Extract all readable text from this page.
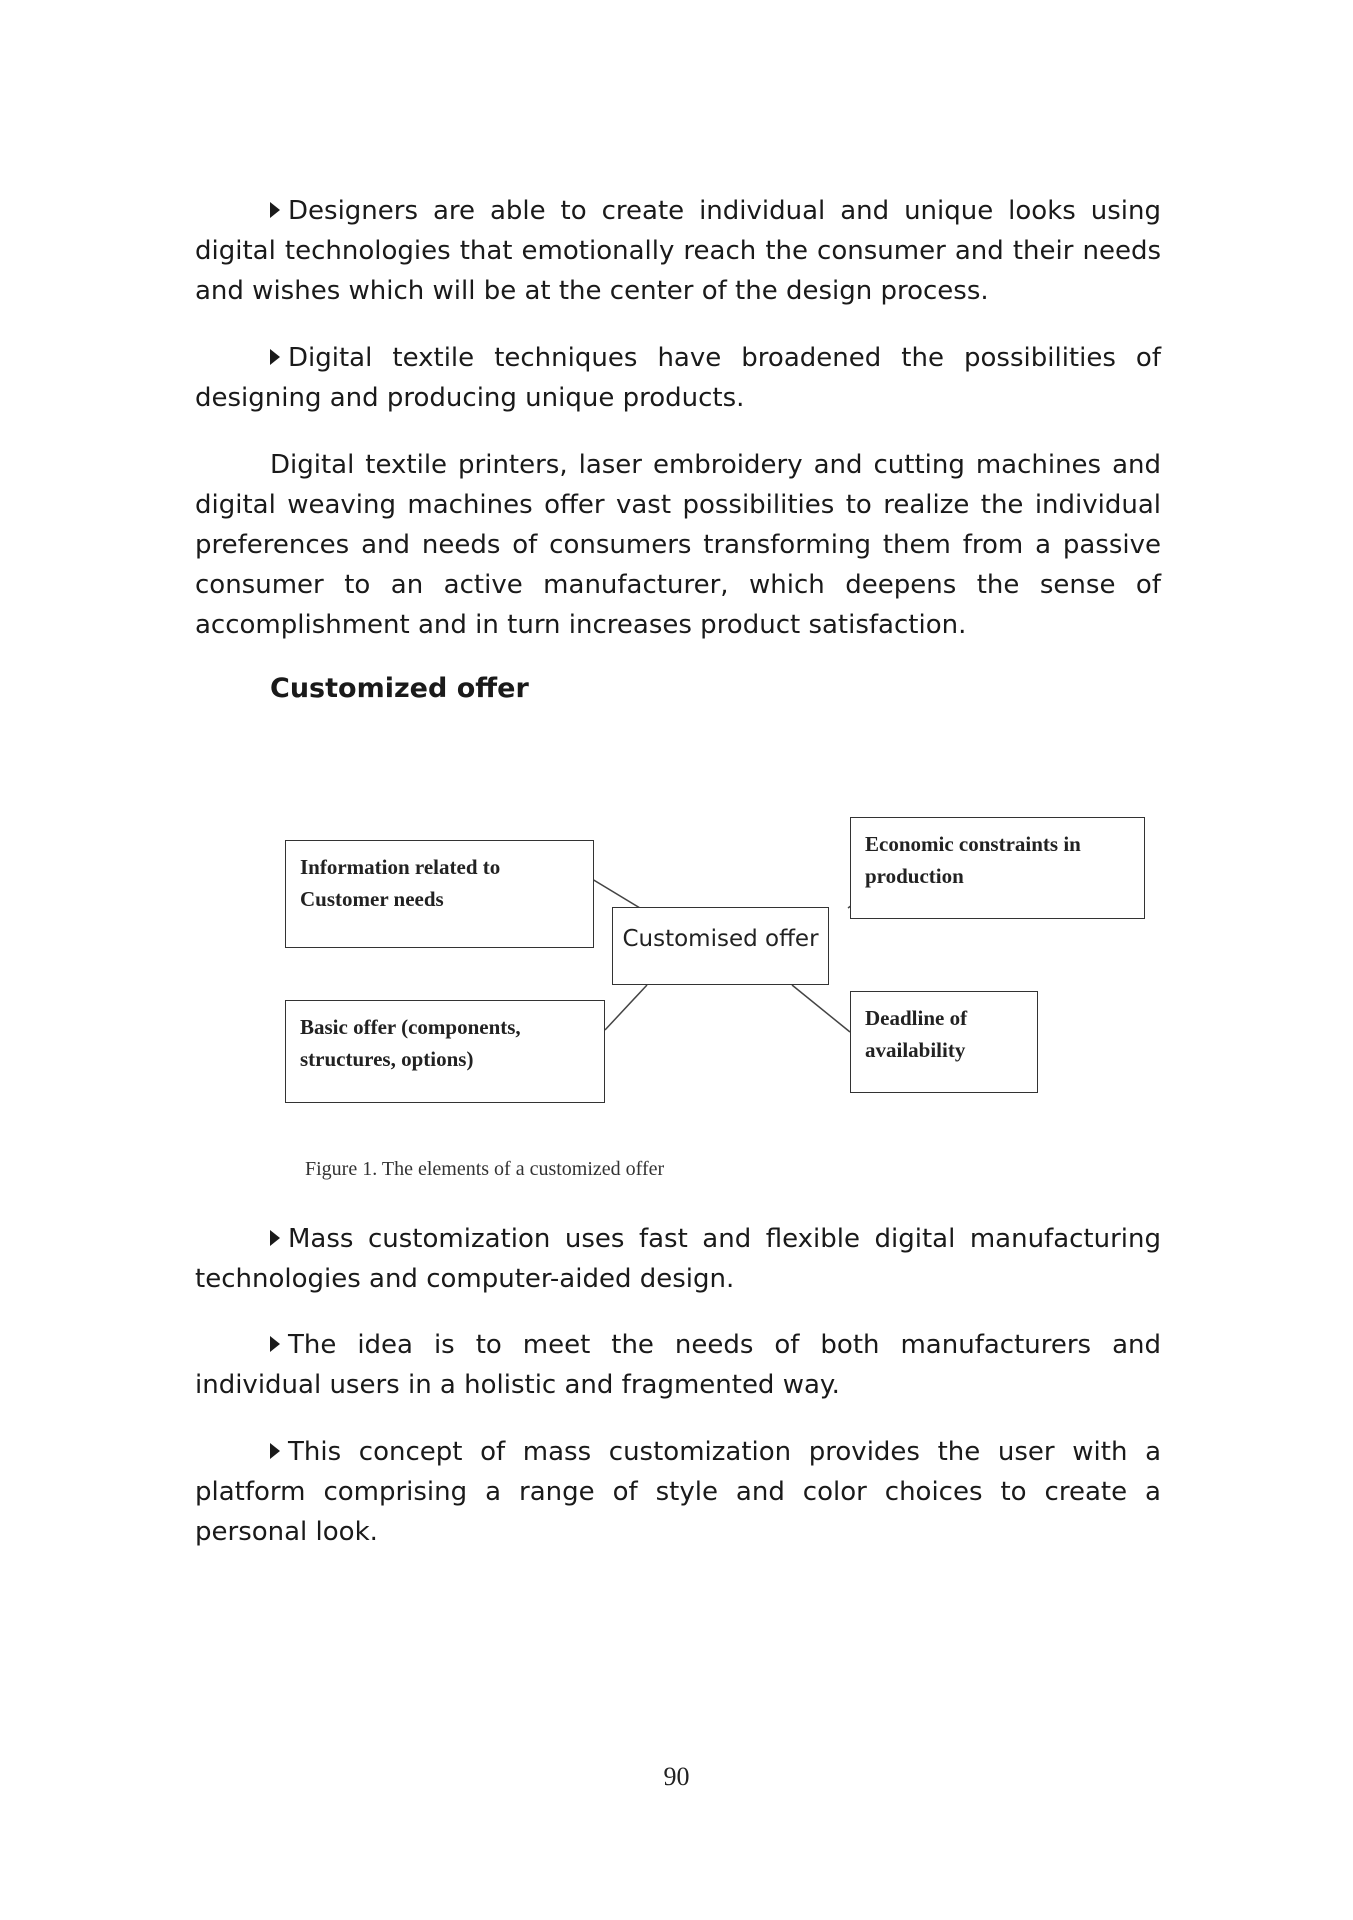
Designers are able to create individual and unique looks using digital technologies that emotionally reach the consumer and their needs and wishes which will be at the center of the design process.

Digital textile techniques have broadened the possibilities of designing and producing unique products.

Digital textile printers, laser embroidery and cutting machines and digital weaving machines offer vast possibilities to realize the individual preferences and needs of consumers transforming them from a passive consumer to an active manufacturer, which deepens the sense of accomplishment and in turn increases product satisfaction.

Customized offer
Information related to
Customer needs
Basic offer (components,
structures, options)
Economic constraints in
production
Deadline of
availability
Customised offer

Figure 1. The elements of a customized offer

Mass customization uses fast and flexible digital manufacturing technologies and computer-aided design.

The idea is to meet the needs of both manufacturers and individual users in a holistic and fragmented way.

This concept of mass customization provides the user with a platform comprising a range of style and color choices to create a personal look.

90
